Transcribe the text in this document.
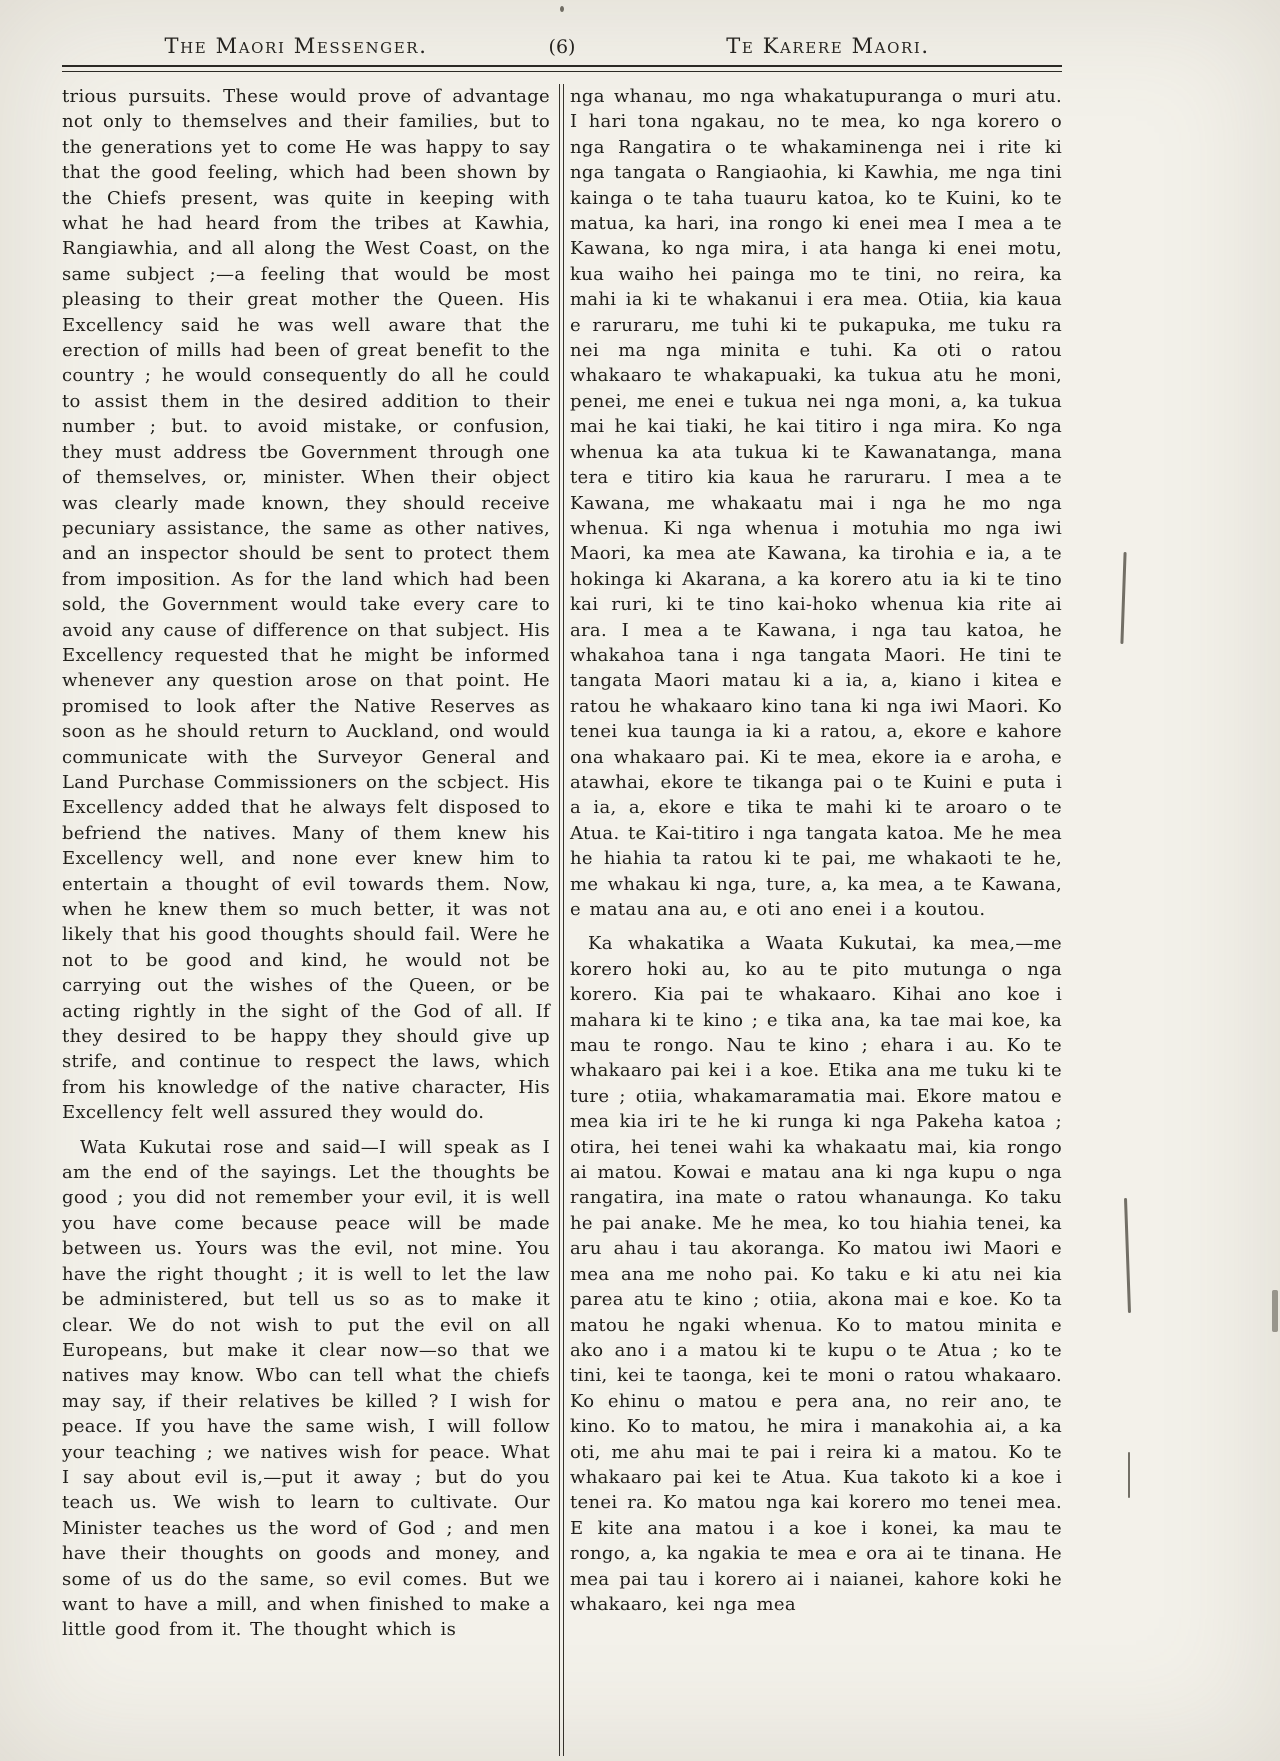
The Maori Messenger.	(6)	Te Karere Maori.

trious pursuits. These would prove of advantage not only to themselves and their families, but to the generations yet to come He was happy to say that the good feeling, which had been shown by the Chiefs present, was quite in keeping with what he had heard from the tribes at Kawhia, Rangiawhia, and all along the West Coast, on the same subject ;—a feeling that would be most pleasing to their great mother the Queen. His Excellency said he was well aware that the erection of mills had been of great benefit to the country ; he would consequently do all he could to assist them in the desired addition to their number ; but. to avoid mistake, or confusion, they must address tbe Government through one of themselves, or, minister. When their object was clearly made known, they should receive pecuniary assistance, the same as other natives, and an inspector should be sent to protect them from imposition. As for the land which had been sold, the Government would take every care to avoid any cause of difference on that subject. His Excellency requested that he might be informed whenever any question arose on that point. He promised to look after the Native Reserves as soon as he should return to Auckland, ond would communicate with the Surveyor General and Land Purchase Commissioners on the scbject. His Excellency added that he always felt disposed to befriend the natives. Many of them knew his Excellency well, and none ever knew him to entertain a thought of evil towards them. Now, when he knew them so much better, it was not likely that his good thoughts should fail. Were he not to be good and kind, he would not be carrying out the wishes of the Queen, or be acting rightly in the sight of the God of all. If they desired to be happy they should give up strife, and continue to respect the laws, which from his knowledge of the native character, His Excellency felt well assured they would do.

Wata Kukutai rose and said—I will speak as I am the end of the sayings. Let the thoughts be good ; you did not remember your evil, it is well you have come because peace will be made between us. Yours was the evil, not mine. You have the right thought ; it is well to let the law be administered, but tell us so as to make it clear. We do not wish to put the evil on all Europeans, but make it clear now—so that we natives may know. Wbo can tell what the chiefs may say, if their relatives be killed ? I wish for peace. If you have the same wish, I will follow your teaching ; we natives wish for peace. What I say about evil is,—put it away ; but do you teach us. We wish to learn to cultivate. Our Minister teaches us the word of God ; and men have their thoughts on goods and money, and some of us do the same, so evil comes. But we want to have a mill, and when finished to make a little good from it. The thought which is

nga whanau, mo nga whakatupuranga o muri atu. I hari tona ngakau, no te mea, ko nga korero o nga Rangatira o te whakaminenga nei i rite ki nga tangata o Rangiaohia, ki Kawhia, me nga tini kainga o te taha tuauru katoa, ko te Kuini, ko te matua, ka hari, ina rongo ki enei mea I mea a te Kawana, ko nga mira, i ata hanga ki enei motu, kua waiho hei painga mo te tini, no reira, ka mahi ia ki te whakanui i era mea. Otiia, kia kaua e raruraru, me tuhi ki te pukapuka, me tuku ra nei ma nga minita e tuhi. Ka oti o ratou whakaaro te whakapuaki, ka tukua atu he moni, penei, me enei e tukua nei nga moni, a, ka tukua mai he kai tiaki, he kai titiro i nga mira. Ko nga whenua ka ata tukua ki te Kawanatanga, mana tera e titiro kia kaua he raruraru. I mea a te Kawana, me whakaatu mai i nga he mo nga whenua. Ki nga whenua i motuhia mo nga iwi Maori, ka mea ate Kawana, ka tirohia e ia, a te hokinga ki Akarana, a ka korero atu ia ki te tino kai ruri, ki te tino kai-hoko whenua kia rite ai ara. I mea a te Kawana, i nga tau katoa, he whakahoa tana i nga tangata Maori. He tini te tangata Maori matau ki a ia, a, kiano i kitea e ratou he whakaaro kino tana ki nga iwi Maori. Ko tenei kua taunga ia ki a ratou, a, ekore e kahore ona whakaaro pai. Ki te mea, ekore ia e aroha, e atawhai, ekore te tikanga pai o te Kuini e puta i a ia, a, ekore e tika te mahi ki te aroaro o te Atua. te Kai-titiro i nga tangata katoa. Me he mea he hiahia ta ratou ki te pai, me whakaoti te he, me whakau ki nga, ture, a, ka mea, a te Kawana, e matau ana au, e oti ano enei i a koutou.

Ka whakatika a Waata Kukutai, ka mea,—me korero hoki au, ko au te pito mutunga o nga korero. Kia pai te whakaaro. Kihai ano koe i mahara ki te kino ; e tika ana, ka tae mai koe, ka mau te rongo. Nau te kino ; ehara i au. Ko te whakaaro pai kei i a koe. Etika ana me tuku ki te ture ; otiia, whakamaramatia mai. Ekore matou e mea kia iri te he ki runga ki nga Pakeha katoa ; otira, hei tenei wahi ka whakaatu mai, kia rongo ai matou. Kowai e matau ana ki nga kupu o nga rangatira, ina mate o ratou whanaunga. Ko taku he pai anake. Me he mea, ko tou hiahia tenei, ka aru ahau i tau akoranga. Ko matou iwi Maori e mea ana me noho pai. Ko taku e ki atu nei kia parea atu te kino ; otiia, akona mai e koe. Ko ta matou he ngaki whenua. Ko to matou minita e ako ano i a matou ki te kupu o te Atua ; ko te tini, kei te taonga, kei te moni o ratou whakaaro. Ko ehinu o matou e pera ana, no reir ano, te kino. Ko to matou, he mira i manakohia ai, a ka oti, me ahu mai te pai i reira ki a matou. Ko te whakaaro pai kei te Atua. Kua takoto ki a koe i tenei ra. Ko matou nga kai korero mo tenei mea. E kite ana matou i a koe i konei, ka mau te rongo, a, ka ngakia te mea e ora ai te tinana. He mea pai tau i korero ai i naianei, kahore koki he whakaaro, kei nga mea
